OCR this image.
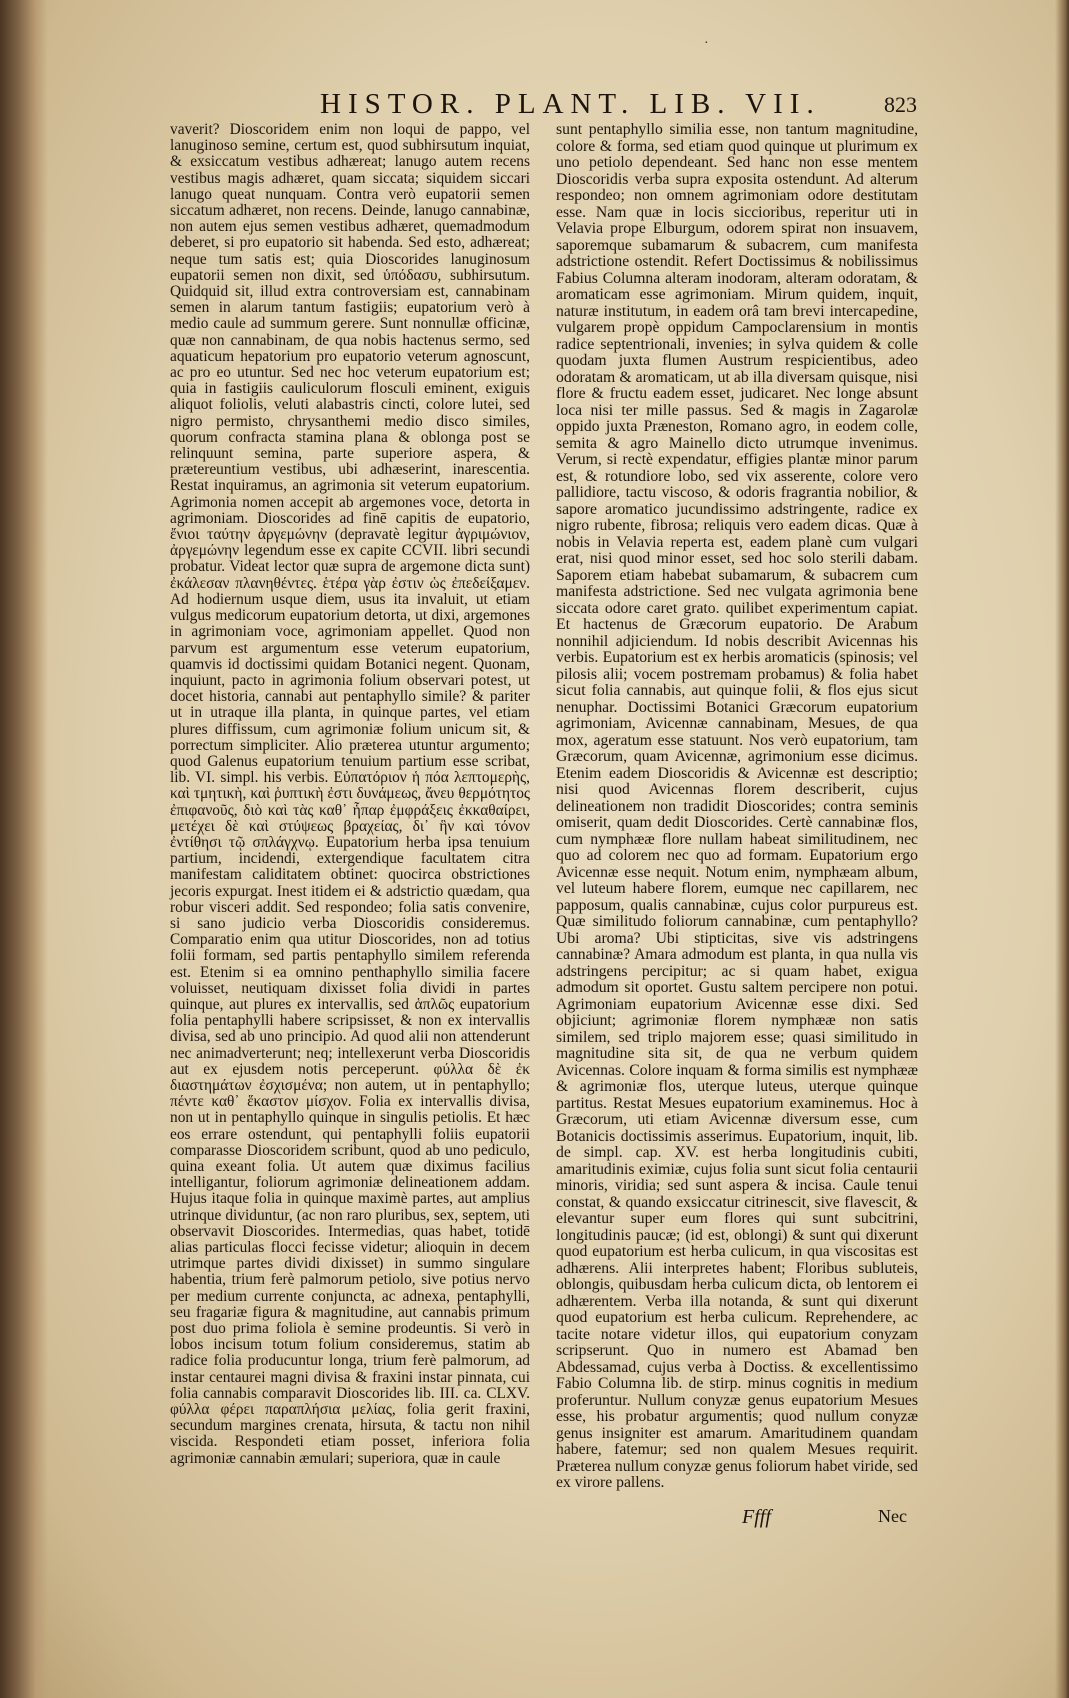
·
HISTOR. PLANT. LIB. VII.	823

vaverit? Dioscoridem enim non loqui de pappo, vel lanuginoso semine, certum est, quod subhirsutum inquiat, & exsiccatum vestibus adhæreat; lanugo autem recens vestibus magis adhæret, quam siccata; siquidem siccari lanugo queat nunquam. Contra verò eupatorii semen siccatum adhæret, non recens. Deinde, lanugo cannabinæ, non autem ejus semen vestibus adhæret, quemadmodum deberet, si pro eupatorio sit habenda. Sed esto, adhæreat; neque tum satis est; quia Dioscorides lanuginosum eupatorii semen non dixit, sed ὑπόδασυ, subhirsutum. Quidquid sit, illud extra controversiam est, cannabinam semen in alarum tantum fastigiis; eupatorium verò à medio caule ad summum gerere. Sunt nonnullæ officinæ, quæ non cannabinam, de qua nobis hactenus sermo, sed aquaticum hepatorium pro eupatorio veterum agnoscunt, ac pro eo utuntur. Sed nec hoc veterum eupatorium est; quia in fastigiis cauliculorum flosculi eminent, exiguis aliquot foliolis, veluti alabastris cincti, colore lutei, sed nigro permisto, chrysanthemi medio disco similes, quorum confracta stamina plana & oblonga post se relinquunt semina, parte superiore aspera, & prætereuntium vestibus, ubi adhæserint, inarescentia. Restat inquiramus, an agrimonia sit veterum eupatorium. Agrimonia nomen accepit ab argemones voce, detorta in agrimoniam. Dioscorides ad finē capitis de eupatorio, ἔνιοι ταύτην ἀργεμώνην (depravatè legitur ἀγριμώνιον, ἀργεμώνην legendum esse ex capite CCVII. libri secundi probatur. Videat lector quæ supra de argemone dicta sunt) ἐκάλεσαν πλανηθέντες. ἑτέρα γὰρ ἐστιν ὡς ἐπεδείξαμεν. Ad hodiernum usque diem, usus ita invaluit, ut etiam vulgus medicorum eupatorium detorta, ut dixi, argemones in agrimoniam voce, agrimoniam appellet. Quod non parvum est argumentum esse veterum eupatorium, quamvis id doctissimi quidam Botanici negent. Quonam, inquiunt, pacto in agrimonia folium observari potest, ut docet historia, cannabi aut pentaphyllo simile? & pariter ut in utraque illa planta, in quinque partes, vel etiam plures diffissum, cum agrimoniæ folium unicum sit, & porrectum simpliciter. Alio præterea utuntur argumento; quod Galenus eupatorium tenuium partium esse scribat, lib. VI. simpl. his verbis. Εὐπατόριον ἡ πόα λεπτομερὴς, καὶ τμητικὴ, καὶ ῥυπτικὴ ἐστι δυνάμεως, ἄνευ θερμότητος ἐπιφανοῦς, διὸ καὶ τὰς καθ᾽ ἧπαρ ἐμφράξεις ἐκκαθαίρει, μετέχει δὲ καὶ στύψεως βραχείας, δι᾽ ἣν καὶ τόνον ἐντίθησι τῷ σπλάγχνῳ. Eupatorium herba ipsa tenuium partium, incidendi, extergendique facultatem citra manifestam caliditatem obtinet: quocirca obstrictiones jecoris expurgat. Inest itidem ei & adstrictio quædam, qua robur visceri addit. Sed respondeo; folia satis convenire, si sano judicio verba Dioscoridis consideremus. Comparatio enim qua utitur Dioscorides, non ad totius folii formam, sed partis pentaphyllo similem referenda est. Etenim si ea omnino penthaphyllo similia facere voluisset, neutiquam dixisset folia dividi in partes quinque, aut plures ex intervallis, sed ἁπλῶς eupatorium folia pentaphylli habere scripsisset, & non ex intervallis divisa, sed ab uno principio. Ad quod alii non attenderunt nec animadverterunt; neq; intellexerunt verba Dioscoridis aut ex ejusdem notis perceperunt. φύλλα δὲ ἐκ διαστημάτων ἐσχισμένα; non autem, ut in pentaphyllo; πέντε καθ᾽ ἕκαστον μίσχον. Folia ex intervallis divisa, non ut in pentaphyllo quinque in singulis petiolis. Et hæc eos errare ostendunt, qui pentaphylli foliis eupatorii comparasse Dioscoridem scribunt, quod ab uno pediculo, quina exeant folia. Ut autem quæ diximus facilius intelligantur, foliorum agrimoniæ delineationem addam. Hujus itaque folia in quinque maximè partes, aut amplius utrinque dividuntur, (ac non raro pluribus, sex, septem, uti observavit Dioscorides. Intermedias, quas habet, totidē alias particulas flocci fecisse videtur; alioquin in decem utrimque partes dividi dixisset) in summo singulare habentia, trium ferè palmorum petiolo, sive potius nervo per medium currente conjuncta, ac adnexa, pentaphylli, seu fragariæ figura & magnitudine, aut cannabis primum post duo prima foliola è semine prodeuntis. Si verò in lobos incisum totum folium consideremus, statim ab radice folia producuntur longa, trium ferè palmorum, ad instar centaurei magni divisa & fraxini instar pinnata, cui folia cannabis comparavit Dioscorides lib. III. ca. CLXV. φύλλα φέρει παραπλήσια μελίας, folia gerit fraxini, secundum margines crenata, hirsuta, & tactu non nihil viscida. Respondeti etiam posset, inferiora folia agrimoniæ cannabin æmulari; superiora, quæ in caule

sunt pentaphyllo similia esse, non tantum magnitudine, colore & forma, sed etiam quod quinque ut plurimum ex uno petiolo dependeant. Sed hanc non esse mentem Dioscoridis verba supra exposita ostendunt. Ad alterum respondeo; non omnem agrimoniam odore destitutam esse. Nam quæ in locis siccioribus, reperitur uti in Velavia prope Elburgum, odorem spirat non insuavem, saporemque subamarum & subacrem, cum manifesta adstrictione ostendit. Refert Doctissimus & nobilissimus Fabius Columna alteram inodoram, alteram odoratam, & aromaticam esse agrimoniam. Mirum quidem, inquit, naturæ institutum, in eadem orâ tam brevi intercapedine, vulgarem propè oppidum Campoclarensium in montis radice septentrionali, invenies; in sylva quidem & colle quodam juxta flumen Austrum respicientibus, adeo odoratam & aromaticam, ut ab illa diversam quisque, nisi flore & fructu eadem esset, judicaret. Nec longe absunt loca nisi ter mille passus. Sed & magis in Zagarolæ oppido juxta Præneston, Romano agro, in eodem colle, semita & agro Mainello dicto utrumque invenimus. Verum, si rectè expendatur, effigies plantæ minor parum est, & rotundiore lobo, sed vix asserente, colore vero pallidiore, tactu viscoso, & odoris fragrantia nobilior, & sapore aromatico jucundissimo adstringente, radice ex nigro rubente, fibrosa; reliquis vero eadem dicas. Quæ à nobis in Velavia reperta est, eadem planè cum vulgari erat, nisi quod minor esset, sed hoc solo sterili dabam. Saporem etiam habebat subamarum, & subacrem cum manifesta adstrictione. Sed nec vulgata agrimonia bene siccata odore caret grato. quilibet experimentum capiat. Et hactenus de Græcorum eupatorio. De Arabum nonnihil adjiciendum. Id nobis describit Avicennas his verbis. Eupatorium est ex herbis aromaticis (spinosis; vel pilosis alii; vocem postremam probamus) & folia habet sicut folia cannabis, aut quinque folii, & flos ejus sicut nenuphar. Doctissimi Botanici Græcorum eupatorium agrimoniam, Avicennæ cannabinam, Mesues, de qua mox, ageratum esse statuunt. Nos verò eupatorium, tam Græcorum, quam Avicennæ, agrimonium esse dicimus. Etenim eadem Dioscoridis & Avicennæ est descriptio; nisi quod Avicennas florem describerit, cujus delineationem non tradidit Dioscorides; contra seminis omiserit, quam dedit Dioscorides. Certè cannabinæ flos, cum nymphææ flore nullam habeat similitudinem, nec quo ad colorem nec quo ad formam. Eupatorium ergo Avicennæ esse nequit. Notum enim, nymphæam album, vel luteum habere florem, eumque nec capillarem, nec papposum, qualis cannabinæ, cujus color purpureus est. Quæ similitudo foliorum cannabinæ, cum pentaphyllo? Ubi aroma? Ubi stipticitas, sive vis adstringens cannabinæ? Amara admodum est planta, in qua nulla vis adstringens percipitur; ac si quam habet, exigua admodum sit oportet. Gustu saltem percipere non potui. Agrimoniam eupatorium Avicennæ esse dixi. Sed objiciunt; agrimoniæ florem nymphææ non satis similem, sed triplo majorem esse; quasi similitudo in magnitudine sita sit, de qua ne verbum quidem Avicennas. Colore inquam & forma similis est nymphææ & agrimoniæ flos, uterque luteus, uterque quinque partitus. Restat Mesues eupatorium examinemus. Hoc à Græcorum, uti etiam Avicennæ diversum esse, cum Botanicis doctissimis asserimus. Eupatorium, inquit, lib. de simpl. cap. XV. est herba longitudinis cubiti, amaritudinis eximiæ, cujus folia sunt sicut folia centaurii minoris, viridia; sed sunt aspera & incisa. Caule tenui constat, & quando exsiccatur citrinescit, sive flavescit, & elevantur super eum flores qui sunt subcitrini, longitudinis paucæ; (id est, oblongi) & sunt qui dixerunt quod eupatorium est herba culicum, in qua viscositas est adhærens. Alii interpretes habent; Floribus subluteis, oblongis, quibusdam herba culicum dicta, ob lentorem ei adhærentem. Verba illa notanda, & sunt qui dixerunt quod eupatorium est herba culicum. Reprehendere, ac tacite notare videtur illos, qui eupatorium conyzam scripserunt. Quo in numero est Abamad ben Abdessamad, cujus verba à Doctiss. & excellentissimo Fabio Columna lib. de stirp. minus cognitis in medium proferuntur. Nullum conyzæ genus eupatorium Mesues esse, his probatur argumentis; quod nullum conyzæ genus insigniter est amarum. Amaritudinem quandam habere, fatemur; sed non qualem Mesues requirit. Præterea nullum conyzæ genus foliorum habet viride, sed ex virore pallens.

Ffff	Nec
